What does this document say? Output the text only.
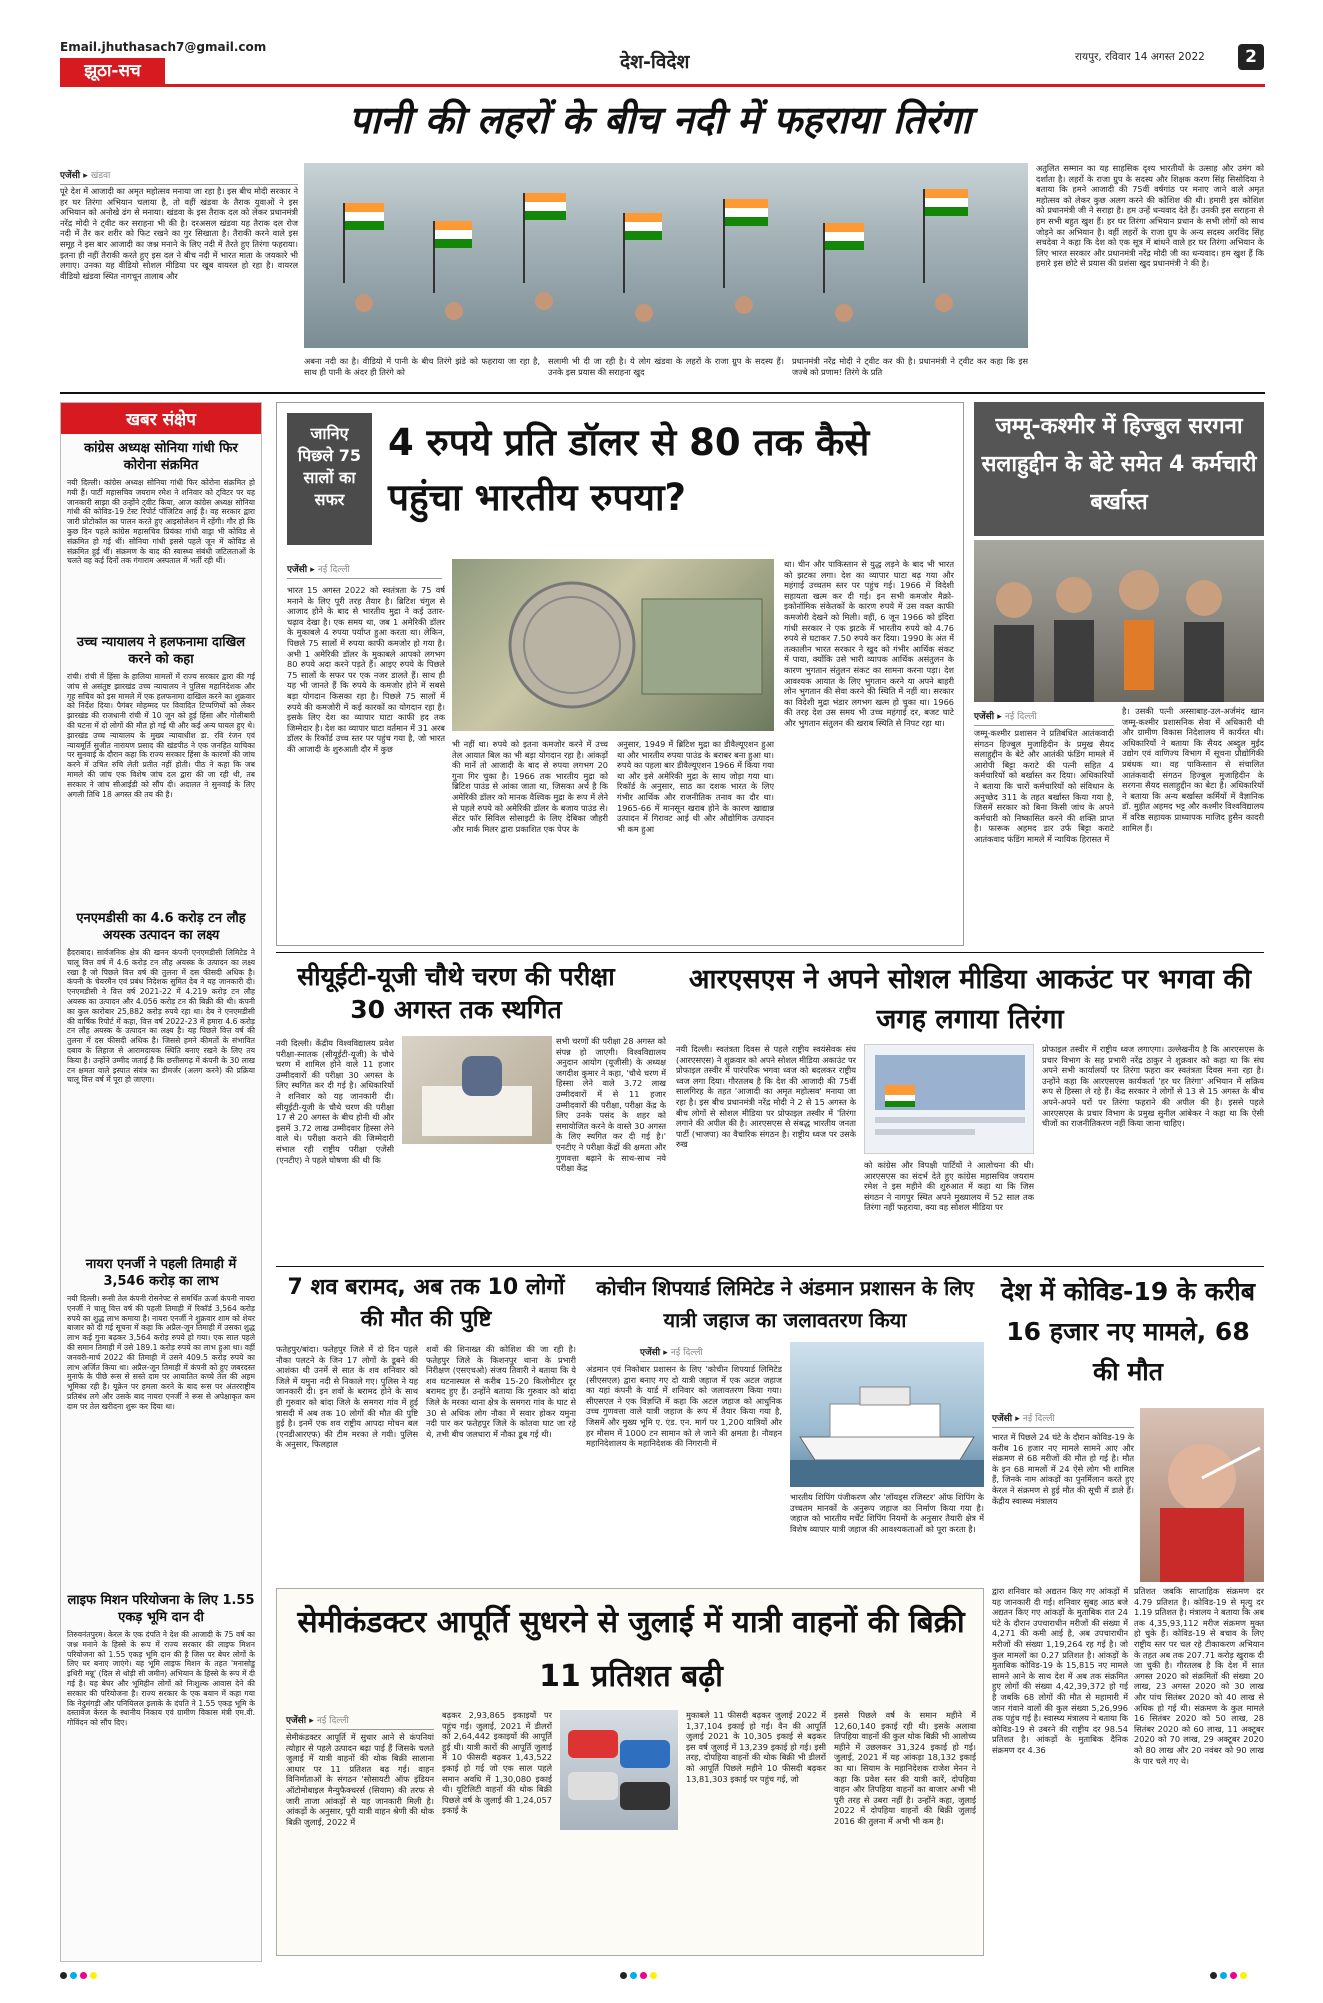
Email.jhuthasach7@gmail.com
झूठा-सच	देश-विदेश	रायपुर, रविवार 14 अगस्त 2022	2
पानी की लहरों के बीच नदी में फहराया तिरंगा
एजेंसी ▸ खंडवा
पूरे देश में आजादी का अमृत महोत्सव मनाया जा रहा है। इस बीच मोदी सरकार ने हर घर तिरंगा अभियान चलाया है, तो वहीं खंडवा के तैराक युवाओं ने इस अभियान को अनोखे ढंग से मनाया। खंडवा के इस तैराक दल को लेकर प्रधानमंत्री नरेंद्र मोदी ने ट्वीट कर सराहना भी की है। दरअसल खंडवा यह तैराक दल रोज नदी में तैर कर शरीर को फिट रखने का गुर सिखाता है। तैराकी करने वाले इस समूह ने इस बार आजादी का जश्न मनाने के लिए नदी में तैरते हुए तिरंगा फहराया। इतना ही नहीं तैराकी करते हुए इस दल ने बीच नदी में भारत माता के जयकारे भी लगाए। उनका यह वीडियो सोशल मीडिया पर खूब वायरल हो रहा है। वायरल वीडियो खंडवा स्थित नागचून तालाब और
अबना नदी का है। वीडियो में पानी के बीच तिरंगे झंडे को फहराया जा रहा है, साथ ही पानी के अंदर ही तिरंगे को
सलामी भी दी जा रही है। ये लोग खंडवा के लहरों के राजा ग्रुप के सदस्य हैं। उनके इस प्रयास की सराहना खुद
प्रधानमंत्री नरेंद्र मोदी ने ट्वीट कर की है। प्रधानमंत्री ने ट्वीट कर कहा कि इस जज्बे को प्रणाम! तिरंगे के प्रति
अतुलित सम्मान का यह साहसिक दृश्य भारतीयों के उत्साह और उमंग को दर्शाता है। लहरों के राजा ग्रुप के सदस्य और शिक्षक करण सिंह सिसोदिया ने बताया कि हमने आजादी की 75वीं वर्षगांठ पर मनाए जाने वाले अमृत महोत्सव को लेकर कुछ अलग करने की कोशिश की थी। हमारी इस कोशिश को प्रधानमंत्री जी ने सराहा है। हम उन्हें धन्यवाद देते हैं। उनकी इस सराहना से हम सभी बहुत खुश हैं। हर घर तिरंगा अभियान प्रधान के सभी लोगों को साथ जोड़ने का अभियान है। वहीं लहरों के राजा ग्रुप के अन्य सदस्य अरविंद सिंह सचदेवा ने कहा कि देश को एक सूत्र में बांधने वाले हर घर तिरंगा अभियान के लिए भारत सरकार और प्रधानमंत्री नरेंद्र मोदी जी का धन्यवाद। हम खुश हैं कि हमारे इस छोटे से प्रयास की प्रशंसा खुद प्रधानमंत्री ने की है।
खबर संक्षेप
कांग्रेस अध्यक्ष सोनिया गांधी फिर कोरोना संक्रमित
नयी दिल्ली। कांग्रेस अध्यक्ष सोनिया गांधी फिर कोरोना संक्रमित हो गयी हैं। पार्टी महासचिव जयराम रमेश ने शनिवार को ट्विटर पर यह जानकारी साझा की उन्होंने ट्वीट किया, आज कांग्रेस अध्यक्ष सोनिया गांधी की कोविड-19 टेस्ट रिपोर्ट पॉजिटिव आई है। वह सरकार द्वारा जारी प्रोटोकॉल का पालन करते हुए आइसोलेशन में रहेंगी। गौर हो कि कुछ दिन पहले कांग्रेस महासचिव प्रियंका गांधी वाड्रा भी कोविड से संक्रमित हो गई थीं। सोनिया गांधी इससे पहले जून में कोविड से संक्रमित हुई थीं। संक्रमण के बाद की स्वास्थ्य संबंधी जटिलताओं के चलते वह कई दिनों तक गंगाराम अस्पताल में भर्ती रही थीं।
उच्च न्यायालय ने हलफनामा दाखिल करने को कहा
रांची। रांची में हिंसा के हालिया मामलों में राज्य सरकार द्वारा की गई जांच से असंतुष्ट झारखंड उच्च न्यायालय ने पुलिस महानिदेशक और गृह सचिव को इस मामले में एक हलफनामा दाखिल करने का शुक्रवार को निर्देश दिया। पैगंबर मोहम्मद पर विवादित टिप्पणियों को लेकर झारखंड की राजधानी रांची में 10 जून को हुई हिंसा और गोलीबारी की घटना में दो लोगों की मौत हो गई थी और कई अन्य घायल हुए थे। झारखंड उच्च न्यायालय के मुख्य न्यायाधीश डा. रवि रंजन एवं न्यायमूर्ति सुजीत नारायण प्रसाद की खंडपीठ ने एक जनहित याचिका पर सुनवाई के दौरान कहा कि राज्य सरकार हिंसा के कारणों की जांच करने में उचित रुचि लेती प्रतीत नहीं होती। पीठ ने कहा कि जब मामले की जांच एक विशेष जांच दल द्वारा की जा रही थी, तब सरकार ने जांच सीआईडी को सौंप दी। अदालत ने सुनवाई के लिए अगली तिथि 18 अगस्त की तय की है।
एनएमडीसी का 4.6 करोड़ टन लौह अयस्क उत्पादन का लक्ष्य
हैदराबाद। सार्वजनिक क्षेत्र की खनन कंपनी एनएमडीसी लिमिटेड ने चालू वित्त वर्ष में 4.6 करोड़ टन लौह अयस्क के उत्पादन का लक्ष्य रखा है जो पिछले वित्त वर्ष की तुलना में दस फीसदी अधिक है। कंपनी के चेयरमैन एवं प्रबंध निदेशक सुमित देब ने यह जानकारी दी। एनएमडीसी ने वित्त वर्ष 2021-22 में 4.219 करोड़ टन लौह अयस्क का उत्पादन और 4.056 करोड़ टन की बिक्री की थी। कंपनी का कुल कारोबार 25,882 करोड़ रुपये रहा था। देब ने एनएमडीसी की वार्षिक रिपोर्ट में कहा, वित्त वर्ष 2022-23 में हमारा 4.6 करोड़ टन लौह अयस्क के उत्पादन का लक्ष्य है। यह पिछले वित्त वर्ष की तुलना में दस फीसदी अधिक है। जिससे हमने कीमतों के संभावित दबाव के लिहाज से आरामदायक स्थिति बनाए रखने के लिए तय किया है। उन्होंने उम्मीद जताई है कि छत्तीसगढ़ में कंपनी के 30 लाख टन क्षमता वाले इस्पात संयंत्र का डीमर्जर (अलग करने) की प्रक्रिया चालू वित्त वर्ष में पूरा हो जाएगा।
नायरा एनर्जी ने पहली तिमाही में 3,546 करोड़ का लाभ
नयी दिल्ली। रूसी तेल कंपनी रोसनेफ्ट से समर्थित ऊर्जा कंपनी नायरा एनर्जी ने चालू वित्त वर्ष की पहली तिमाही में रिकॉर्ड 3,564 करोड़ रुपये का शुद्ध लाभ कमाया है। नायरा एनर्जी ने शुक्रवार शाम को शेयर बाजार को दी गई सूचना में कहा कि अप्रैल-जून तिमाही में उसका शुद्ध लाभ कई गुना बढ़कर 3,564 करोड़ रुपये हो गया। एक साल पहले की समान तिमाही में उसे 189.1 करोड़ रुपये का लाभ हुआ था। वहीं जनवरी-मार्च 2022 की तिमाही में उसने 409.5 करोड़ रुपये का लाभ अर्जित किया था। अप्रैल-जून तिमाही में कंपनी को हुए जबरदस्त मुनाफे के पीछे रूस से सस्ते दाम पर आयातित कच्चे तेल की अहम भूमिका रही है। यूक्रेन पर हमला करने के बाद रूस पर अंतरराष्ट्रीय प्रतिबंध लगे और उसके बाद नायरा एनर्जी ने रूस से अपेक्षाकृत कम दाम पर तेल खरीदना शुरू कर दिया था।
लाइफ मिशन परियोजना के लिए 1.55 एकड़ भूमि दान दी
तिरुवनंतपुरम। केरल के एक दंपति ने देश की आजादी के 75 वर्ष का जश्न मनाने के हिस्से के रूप में राज्य सरकार की लाइफ मिशन परियोजना को 1.55 एकड़ भूमि दान की है जिस पर बेघर लोगों के लिए घर बनाए जाएंगे। यह भूमि लाइफ मिशन के तहत 'मनासोडु इथिरी मन्नू' (दिल से थोड़ी सी जमीन) अभियान के हिस्से के रूप में दी गई है। यह बेघर और भूमिहीन लोगों को निःशुल्क आवास देने की सरकार की परियोजना है। राज्य सरकार के एक बयान में कहा गया कि नेदुमंगड़ी और पनियिलल इलाके के दंपति ने 1.55 एकड़ भूमि के दस्तावेज केरल के स्थानीय निकाय एवं ग्रामीण विकास मंत्री एम.वी. गोविंदन को सौंप दिए।
जानिए पिछले 75 सालों का सफर
4 रुपये प्रति डॉलर से 80 तक कैसे पहुंचा भारतीय रुपया?
एजेंसी ▸ नई दिल्ली
भारत 15 अगस्त 2022 को स्वतंत्रता के 75 वर्ष मनाने के लिए पूरी तरह तैयार है। ब्रिटिश चंगुल से आजाद होने के बाद से भारतीय मुद्रा ने कई उतार-चढ़ाव देखा है। एक समय था, जब 1 अमेरिकी डॉलर के मुकाबले 4 रुपया पर्याप्त हुआ करता था। लेकिन, पिछले 75 सालों में रुपया काफी कमजोर हो गया है। अभी 1 अमेरिकी डॉलर के मुकाबले आपको लगभग 80 रुपये अदा करने पड़ते हैं। आइए रुपये के पिछले 75 सालों के सफर पर एक नजर डालते हैं। साथ ही यह भी जानते हैं कि रुपये के कमजोर होने में सबसे बड़ा योगदान किसका रहा है। पिछले 75 सालों में रुपये की कमजोरी में कई कारकों का योगदान रहा है। इसके लिए देश का व्यापार घाटा काफी हद तक जिम्मेदार है। देश का व्यापार घाटा वर्तमान में 31 अरब डॉलर के रिकॉर्ड उच्च स्तर पर पहुंच गया है, जो भारत की आजादी के शुरुआती दौर में कुछ	भी नहीं था। रुपये को इतना कमजोर करने में उच्च तेल आयात बिल का भी बड़ा योगदान रहा है। आंकड़ों की मानें तो आजादी के बाद से रुपया लगभग 20 गुना गिर चुका है। 1966 तक भारतीय मुद्रा को ब्रिटिश पाउंड से आंका जाता था, जिसका अर्थ है कि अमेरिकी डॉलर को मानक वैश्विक मुद्रा के रूप में लेने से पहले रुपये को अमेरिकी डॉलर के बजाय पाउंड से। सेंटर फॉर सिविल सोसाइटी के लिए देबिका जौहरी और मार्क मिलर द्वारा प्रकाशित एक पेपर के
अनुसार, 1949 में ब्रिटिश मुद्रा का डीवैल्यूएशन हुआ था और भारतीय रुपया पाउंड के बराबर बना हुआ था। रुपये का पहला बार डीवैल्यूएशन 1966 में किया गया था और इसे अमेरिकी मुद्रा के साथ जोड़ा गया था। रिकॉर्ड के अनुसार, साठ का दशक भारत के लिए गंभीर आर्थिक और राजनीतिक तनाव का दौर था। 1965-66 में मानसून खराब होने के कारण खाद्यान्न उत्पादन में गिरावट आई थी और औद्योगिक उत्पादन भी कम हुआ
था। चीन और पाकिस्तान से युद्ध लड़ने के बाद भी भारत को झटका लगा। देश का व्यापार घाटा बढ़ गया और महंगाई उच्चतम स्तर पर पहुंच गई। 1966 में विदेशी सहायता खत्म कर दी गई। इन सभी कमजोर मैक्रो-इकोनॉमिक संकेतकों के कारण रुपये में उस वक्त काफी कमजोरी देखने को मिली। वहीं, 6 जून 1966 को इंदिरा गांधी सरकार ने एक झटके में भारतीय रुपये को 4.76 रुपये से घटाकर 7.50 रुपये कर दिया। 1990 के अंत में तत्कालीन भारत सरकार ने खुद को गंभीर आर्थिक संकट में पाया, क्योंकि उसे भारी व्यापक आर्थिक असंतुलन के कारण भुगतान संतुलन संकट का सामना करना पड़ा। देश आवश्यक आयात के लिए भुगतान करने या अपने बाहरी लोन भुगतान की सेवा करने की स्थिति में नहीं था। सरकार का विदेशी मुद्रा भंडार लगभग खत्म हो चुका था। 1966 की तरह देश उस समय भी उच्च महंगाई दर, बजट घाटे और भुगतान संतुलन की खराब स्थिति से निपट रहा था।
जम्मू-कश्मीर में हिज्बुल सरगना सलाहुद्दीन के बेटे समेत 4 कर्मचारी बर्खास्त
एजेंसी ▸ नई दिल्ली
जम्मू-कश्मीर प्रशासन ने प्रतिबंधित आतंकवादी संगठन हिज्बुल मुजाहिदीन के प्रमुख सैयद सलाहुद्दीन के बेटे और आतंकी फंडिंग मामले में आरोपी बिट्टा कराटे की पत्नी सहित 4 कर्मचारियों को बर्खास्त कर दिया। अधिकारियों ने बताया कि चारों कर्मचारियों को संविधान के अनुच्छेद 311 के तहत बर्खास्त किया गया है, जिसमें सरकार को बिना किसी जांच के अपने कर्मचारी को निष्कासित करने की शक्ति प्राप्त है। फारूक अहमद डार उर्फ बिट्टा कराटे आतंकवाद फंडिंग मामले में न्यायिक हिरासत में
है। उसकी पत्नी अस्साबाह-उल-अर्जमंद खान जम्मू-कश्मीर प्रशासनिक सेवा में अधिकारी थी और ग्रामीण विकास निदेशालय में कार्यरत थी। अधिकारियों ने बताया कि सैयद अब्दुल मुईद उद्योग एवं वाणिज्य विभाग में सूचना प्रौद्योगिकी प्रबंधक था। वह पाकिस्तान से संचालित आतंकवादी संगठन हिज्बुल मुजाहिदीन के सरगना सैयद सलाहुद्दीन का बेटा है। अधिकारियों ने बताया कि अन्य बर्खास्त कर्मियों में वैज्ञानिक डॉ. मुहीत अहमद भट्ट और कश्मीर विश्वविद्यालय में वरिष्ठ सहायक प्राध्यापक माजिद हुसैन कादरी शामिल हैं।
सीयूईटी-यूजी चौथे चरण की परीक्षा 30 अगस्त तक स्थगित
नयी दिल्ली। केंद्रीय विश्वविद्यालय प्रवेश परीक्षा-स्नातक (सीयूईटी-यूजी) के चौथे चरण में शामिल होने वाले 11 हजार उम्मीदवारों की परीक्षा 30 अगस्त के लिए स्थगित कर दी गई है। अधिकारियों ने शनिवार को यह जानकारी दी। सीयूईटी-यूजी के चौथे चरण की परीक्षा 17 से 20 अगस्त के बीच होनी थी और इसमें 3.72 लाख उम्मीदवार हिस्सा लेने वाले थे। परीक्षा कराने की जिम्मेदारी संभाल रही राष्ट्रीय परीक्षा एजेंसी (एनटीए) ने पहले घोषणा की थी कि
सभी चरणों की परीक्षा 28 अगस्त को संपन्न हो जाएगी। विश्वविद्यालय अनुदान आयोग (यूजीसी) के अध्यक्ष जगदीश कुमार ने कहा, 'चौथे चरण में हिस्सा लेने वाले 3.72 लाख उम्मीदवारों में से 11 हजार उम्मीदवारों की परीक्षा, परीक्षा केंद्र के लिए उनके पसंद के शहर को समायोजित करने के वास्ते 30 अगस्त के लिए स्थगित कर दी गई है।' एनटीए ने परीक्षा केंद्रों की क्षमता और गुणवत्ता बढ़ाने के साथ-साथ नये परीक्षा केंद्र
आरएसएस ने अपने सोशल मीडिया आकउंट पर भगवा की जगह लगाया तिरंगा
नयी दिल्ली। स्वतंत्रता दिवस से पहले राष्ट्रीय स्वयंसेवक संघ (आरएसएस) ने शुक्रवार को अपने सोशल मीडिया अकाउंट पर प्रोफाइल तस्वीर में पारंपरिक भगवा ध्वज को बदलकर राष्ट्रीय ध्वज लगा दिया। गौरतलब है कि देश की आजादी की 75वीं सालगिरह के तहत 'आजादी का अमृत महोत्सव' मनाया जा रहा है। इस बीच प्रधानमंत्री नरेंद्र मोदी ने 2 से 15 अगस्त के बीच लोगों से सोशल मीडिया पर प्रोफाइल तस्वीर में 'तिरंगा लगाने की अपील की है। आरएसएस से संबद्ध भारतीय जनता पार्टी (भाजपा) का वैचारिक संगठन है। राष्ट्रीय ध्वज पर उसके रुख
को कांग्रेस और विपक्षी पार्टियों ने आलोचना की थी। आरएसएस का संदर्भ देते हुए कांग्रेस महासचिव जयराम रमेश ने इस महीने की शुरुआत में कहा था कि जिस संगठन ने नागपुर स्थित अपने मुख्यालय में 52 साल तक तिरंगा नहीं फहराया, क्या वह सोशल मीडिया पर
प्रोफाइल तस्वीर में राष्ट्रीय ध्वज लगाएगा। उल्लेखनीय है कि आरएसएस के प्रचार विभाग के सह प्रभारी नरेंद्र ठाकुर ने शुक्रवार को कहा था कि संघ अपने सभी कार्यालयों पर तिरंगा फहरा कर स्वतंत्रता दिवस मना रहा है। उन्होंने कहा कि आरएसएस कार्यकर्ता 'हर घर तिरंगा' अभियान में सक्रिय रूप से हिस्सा ले रहे हैं। केंद्र सरकार ने लोगों से 13 से 15 अगस्त के बीच अपने-अपने घरों पर तिरंगा फहराने की अपील की है। इससे पहले आरएसएस के प्रचार विभाग के प्रमुख सुनील आंबेकर ने कहा था कि ऐसी चीजों का राजनीतिकरण नहीं किया जाना चाहिए।
7 शव बरामद, अब तक 10 लोगों की मौत की पुष्टि
फतेहपुर/बांदा। फतेहपुर जिले में दो दिन पहले नौका पलटने के जिन 17 लोगों के डूबने की आशंका थी उनमें से सात के शव शनिवार को जिले में यमुना नदी से निकाले गए। पुलिस ने यह जानकारी दी। इन शवों के बरामद होने के साथ ही गुरुवार को बांदा जिले के समगरा गांव में हुई त्रासदी में अब तक 10 लोगों की मौत की पुष्टि हुई है। इनमें एक शव राष्ट्रीय आपदा मोचन बल (एनडीआरएफ) की टीम मरका ले गयी। पुलिस के अनुसार, फिलहाल
शवों की शिनाख्त की कोशिश की जा रही है। फतेहपुर जिले के किशनपुर थाना के प्रभारी निरीक्षण (एसएचओ) संजय तिवारी ने बताया कि ये शव घटनास्थल से करीब 15-20 किलोमीटर दूर बरामद हुए हैं। उन्होंने बताया कि गुरुवार को बांदा जिले के मरका थाना क्षेत्र के समगरा गांव के घाट से 30 से अधिक लोग नौका में सवार होकर यमुना नदी पार कर फतेहपुर जिले के कोतवा घाट जा रहे थे, तभी बीच जलधारा में नौका डूब गई थी।
कोचीन शिपयार्ड लिमिटेड ने अंडमान प्रशासन के लिए यात्री जहाज का जलावतरण किया
एजेंसी ▸ नई दिल्ली
अंडमान एवं निकोबार प्रशासन के लिए 'कोचीन शिपयार्ड लिमिटेड (सीएसएल) द्वारा बनाए गए दो यात्री जहाज में एक अटल जहाज का यहां कंपनी के यार्ड में शनिवार को जलावतरण किया गया। सीएसएल ने एक विज्ञप्ति में कहा कि अटल जहाज को आधुनिक उच्च गुणवत्ता वाले यात्री जहाज के रूप में तैयार किया गया है, जिसमें और मुख्य भूमि ए. एंड. एन. मार्ग पर 1,200 यात्रियों और हर मौसम में 1000 टन सामान को ले जाने की क्षमता है। नौवहन महानिदेशालय के महानिदेशक की निगरानी में
भारतीय शिपिंग पंजीकरण और 'लॉयड्स रजिस्टर' ऑफ शिपिंग के उच्चतम मानकों के अनुरूप जहाज का निर्माण किया गया है। जहाज को भारतीय मर्चेंट शिपिंग नियमों के अनुसार तैयारी क्षेत्र में विशेष व्यापार यात्री जहाज की आवश्यकताओं को पूरा करता है।
देश में कोविड-19 के करीब 16 हजार नए मामले, 68 की मौत
एजेंसी ▸ नई दिल्ली
भारत में पिछले 24 घंटे के दौरान कोविड-19 के करीब 16 हजार नए मामले सामने आए और संक्रमण से 68 मरीजों की मौत हो गई है। मौत के इन 68 मामलों में 24 ऐसे लोग भी शामिल हैं, जिनके नाम आंकड़ों का पुनर्मिलान करते हुए केरल ने संक्रमण से हुई मौत की सूची में डाले हैं। केंद्रीय स्वास्थ्य मंत्रालय
द्वारा शनिवार को अद्यतन किए गए आंकड़ों में यह जानकारी दी गई। शनिवार सुबह आठ बजे अद्यतन किए गए आंकड़ों के मुताबिक रात 24 घंटे के दौरान उपचाराधीन मरीजों की संख्या में 4,271 की कमी आई है, अब उपचाराधीन मरीजों की संख्या 1,19,264 रह गई है। जो कुल मामलों का 0.27 प्रतिशत है। आंकड़ों के मुताबिक कोविड-19 के 15,815 नए मामले सामने आने के साथ देश में अब तक संक्रमित हुए लोगों की संख्या 4,42,39,372 हो गई है जबकि 68 लोगों की मौत से महामारी में जान गंवाने वालों की कुल संख्या 5,26,996 तक पहुंच गई है। स्वास्थ्य मंत्रालय ने बताया कि कोविड-19 से उबरने की राष्ट्रीय दर 98.54 प्रतिशत है। आंकड़ों के मुताबिक दैनिक संक्रमण दर 4.36
प्रतिशत जबकि साप्ताहिक संक्रमण दर 4.79 प्रतिशत है। कोविड-19 से मृत्यु दर 1.19 प्रतिशत है। मंत्रालय ने बताया कि अब तक 4,35,93,112 मरीज संक्रमण मुक्त हो चुके हैं। कोविड-19 से बचाव के लिए राष्ट्रीय स्तर पर चल रहे टीकाकरण अभियान के तहत अब तक 207.71 करोड़ खुराक दी जा चुकी है। गौरतलब है कि देश में सात अगस्त 2020 को संक्रमितों की संख्या 20 लाख, 23 अगस्त 2020 को 30 लाख और पांच सितंबर 2020 को 40 लाख से अधिक हो गई थी। संक्रमण के कुल मामले 16 सितंबर 2020 को 50 लाख, 28 सितंबर 2020 को 60 लाख, 11 अक्टूबर 2020 को 70 लाख, 29 अक्टूबर 2020 को 80 लाख और 20 नवंबर को 90 लाख के पार चले गए थे।
सेमीकंडक्टर आपूर्ति सुधरने से जुलाई में यात्री वाहनों की बिक्री 11 प्रतिशत बढ़ी
एजेंसी ▸ नई दिल्ली
सेमीकंडक्टर आपूर्ति में सुधार आने से कंपनियां त्योहार से पहले उत्पादन बढ़ा पाई हैं जिसके चलते जुलाई में यात्री वाहनों की थोक बिक्री सालाना आधार पर 11 प्रतिशत बढ़ गई। वाहन विनिर्माताओं के संगठन 'सोसायटी ऑफ इंडियन ऑटोमोबाइल मैन्युफैक्चरर्स (सियाम) की तरफ से जारी ताजा आंकड़ों से यह जानकारी मिली है। आंकड़ों के अनुसार, पूरी यात्री वाहन श्रेणी की थोक बिक्री जुलाई, 2022 में
बढ़कर 2,93,865 इकाइयों पर पहुंच गई। जुलाई, 2021 में डीलरों को 2,64,442 इकाइयों की आपूर्ति हुई थी। यात्री कारों की आपूर्ति जुलाई में 10 फीसदी बढ़कर 1,43,522 इकाई हो गई जो एक साल पहले समान अवधि में 1,30,080 इकाई थी। यूटिलिटी वाहनों की थोक बिक्री पिछले वर्ष के जुलाई की 1,24,057 इकाई के
मुकाबले 11 फीसदी बढ़कर जुलाई 2022 में 1,37,104 इकाई हो गई। वैन की आपूर्ति जुलाई 2021 के 10,305 इकाई से बढ़कर इस वर्ष जुलाई में 13,239 इकाई हो गई। इसी तरह, दोपहिया वाहनों की थोक बिक्री भी डीलरों को आपूर्ति पिछले महीने 10 फीसदी बढ़कर 13,81,303 इकाई पर पहुंच गई, जो
इससे पिछले वर्ष के समान महीने में 12,60,140 इकाई रही थी। इसके अलावा तिपहिया वाहनों की कुल थोक बिक्री भी आलोच्य महीने में उछलकर 31,324 इकाई हो गई। जुलाई, 2021 में यह आंकड़ा 18,132 इकाई का था। सियाम के महानिदेशक राजेश मेनन ने कहा कि प्रवेश स्तर की यात्री कारें, दोपहिया वाहन और तिपहिया वाहनों का बाजार अभी भी पूरी तरह से उबरा नहीं है। उन्होंने कहा, जुलाई 2022 में दोपहिया वाहनों की बिक्री जुलाई 2016 की तुलना में अभी भी कम है।
